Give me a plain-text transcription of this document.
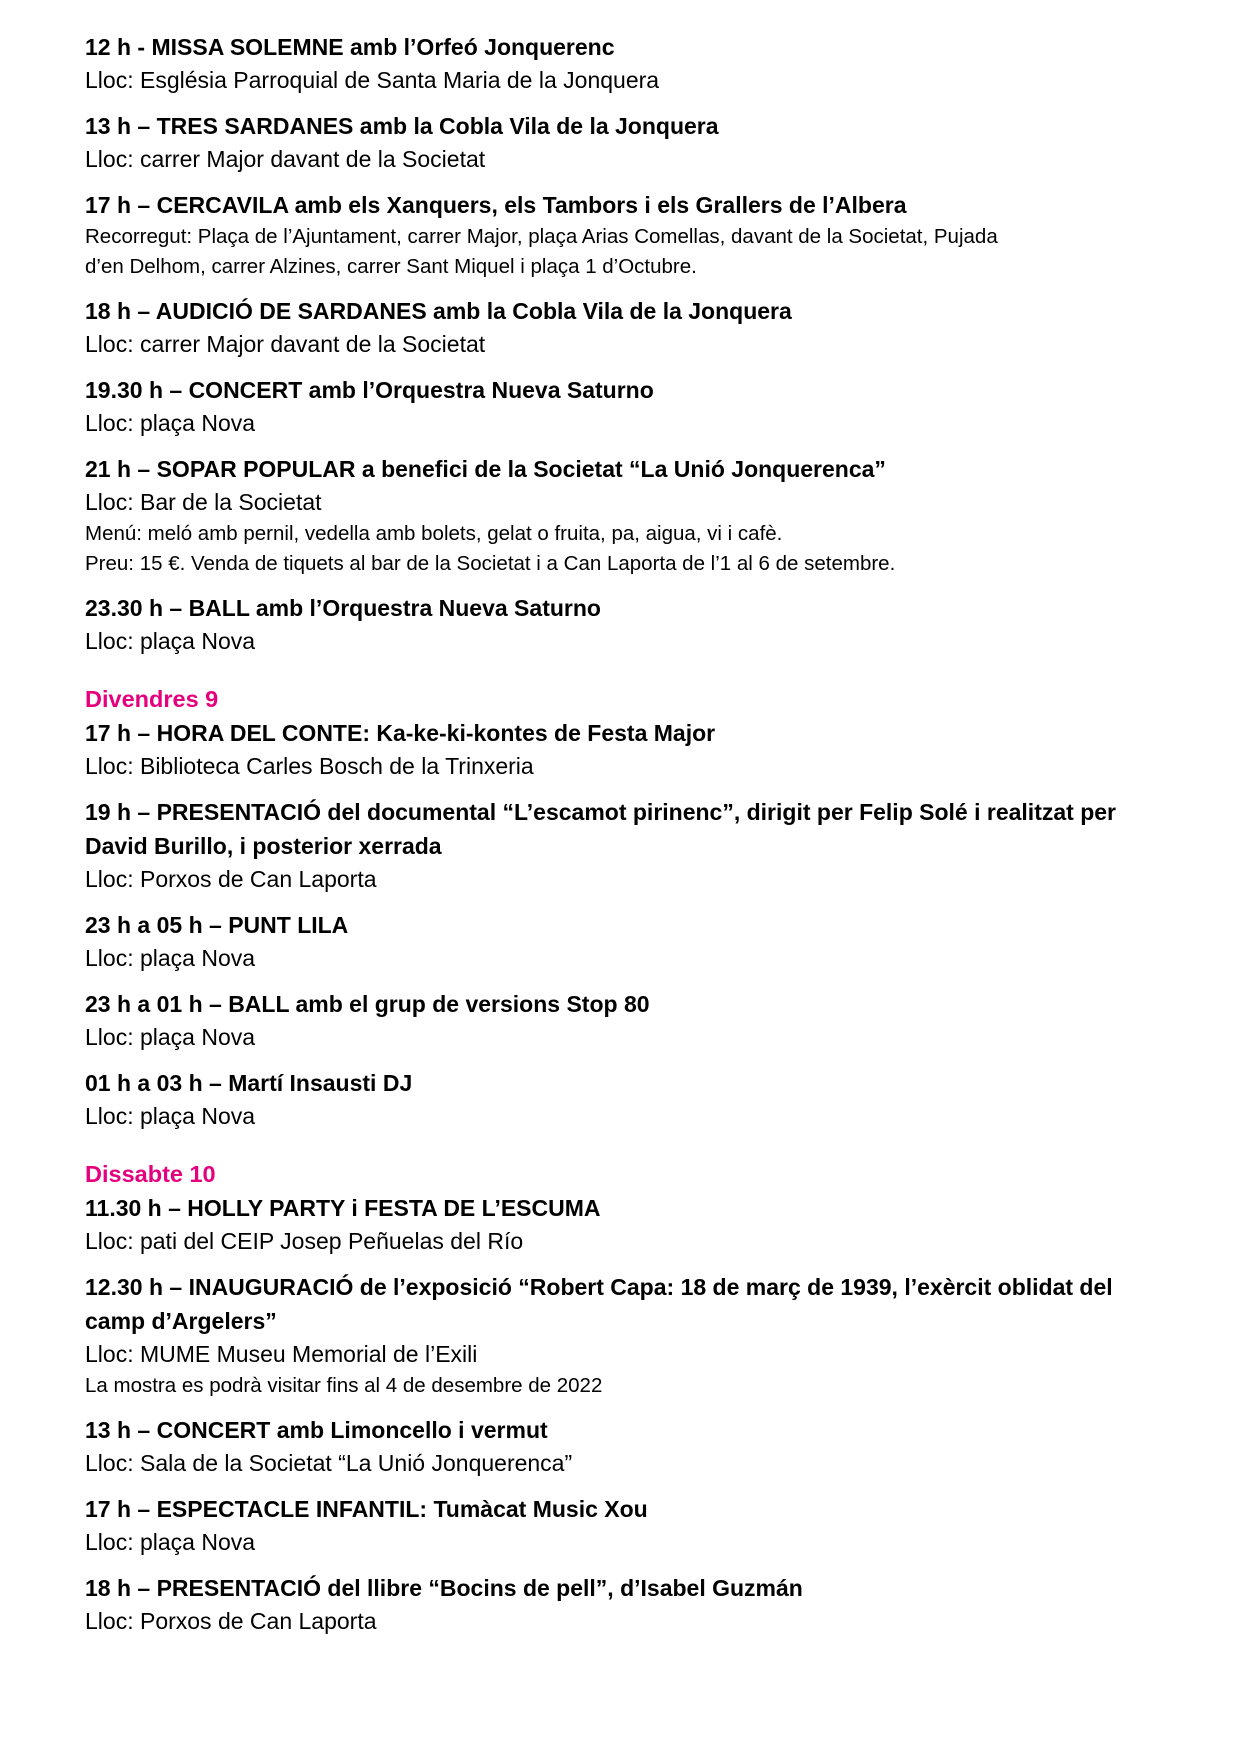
12 h - MISSA SOLEMNE amb l’Orfeó Jonquerenc
Lloc: Església Parroquial de Santa Maria de la Jonquera
13 h – TRES SARDANES amb la Cobla Vila de la Jonquera
Lloc: carrer Major davant de la Societat
17 h – CERCAVILA amb els Xanquers, els Tambors i els Grallers de l’Albera
Recorregut: Plaça de l’Ajuntament, carrer Major, plaça Arias Comellas, davant de la Societat, Pujada
d’en Delhom, carrer Alzines, carrer Sant Miquel i plaça 1 d’Octubre.
18 h – AUDICIÓ DE SARDANES amb la Cobla Vila de la Jonquera
Lloc: carrer Major davant de la Societat
19.30 h – CONCERT amb l’Orquestra Nueva Saturno
Lloc: plaça Nova
21 h – SOPAR POPULAR a benefici de la Societat “La Unió Jonquerenca”
Lloc: Bar de la Societat
Menú: meló amb pernil, vedella amb bolets, gelat o fruita, pa, aigua, vi i cafè.
Preu: 15 €. Venda de tiquets al bar de la Societat i a Can Laporta de l’1 al 6 de setembre.
23.30 h – BALL amb l’Orquestra Nueva Saturno
Lloc: plaça Nova
Divendres 9
17 h – HORA DEL CONTE: Ka-ke-ki-kontes de Festa Major
Lloc: Biblioteca Carles Bosch de la Trinxeria
19 h – PRESENTACIÓ del documental “L’escamot pirinenc”, dirigit per Felip Solé i realitzat per David Burillo, i posterior xerrada
Lloc: Porxos de Can Laporta
23 h a 05 h – PUNT LILA
Lloc: plaça Nova
23 h a 01 h – BALL amb el grup de versions Stop 80
Lloc: plaça Nova
01 h a 03 h – Martí Insausti DJ
Lloc: plaça Nova
Dissabte 10
11.30 h – HOLLY PARTY i FESTA DE L’ESCUMA
Lloc: pati del CEIP Josep Peñuelas del Río
12.30 h – INAUGURACIÓ de l’exposició “Robert Capa: 18 de març de 1939, l’exèrcit oblidat del camp d’Argelers”
Lloc: MUME Museu Memorial de l’Exili
La mostra es podrà visitar fins al 4 de desembre de 2022
13 h – CONCERT amb Limoncello i vermut
Lloc: Sala de la Societat “La Unió Jonquerenca”
17 h – ESPECTACLE INFANTIL: Tumàcat Music Xou
Lloc: plaça Nova
18 h – PRESENTACIÓ del llibre “Bocins de pell”, d’Isabel Guzmán
Lloc: Porxos de Can Laporta
